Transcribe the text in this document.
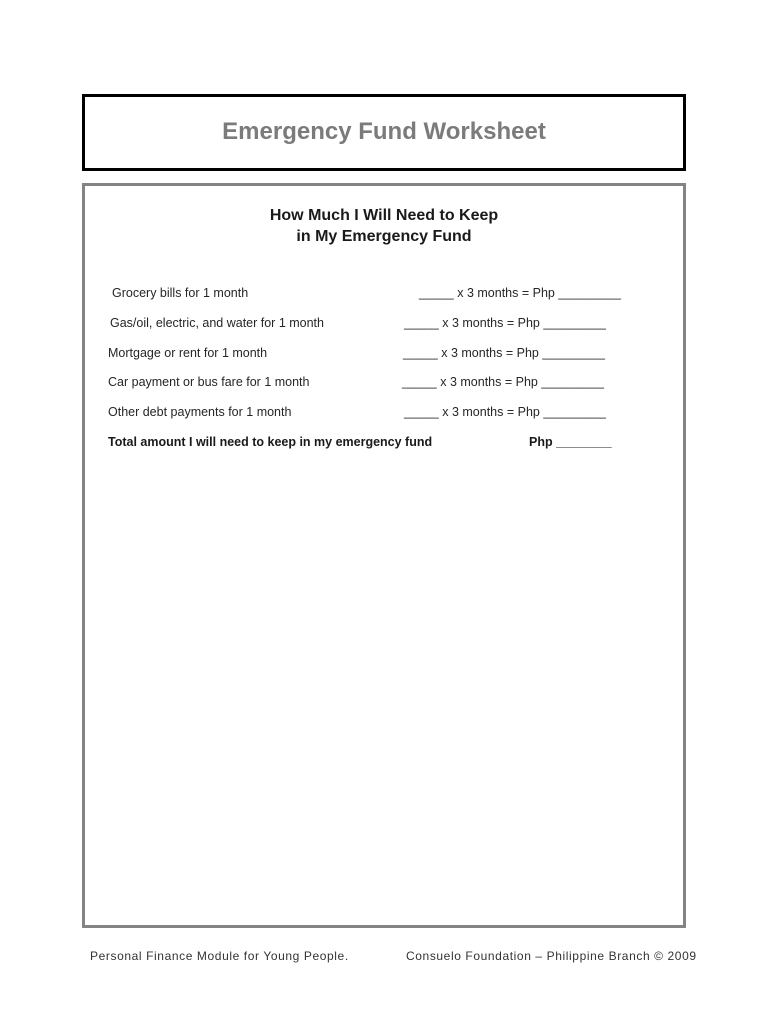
Emergency Fund Worksheet
How Much I Will Need to Keep
in My Emergency Fund
Grocery bills for 1 month	_____ x 3 months = Php _________
Gas/oil, electric, and water for 1 month	_____ x 3 months = Php _________
Mortgage or rent for 1 month	_____ x 3 months = Php _________
Car payment or bus fare for 1 month	_____ x 3 months = Php _________
Other debt payments for 1 month	_____ x 3 months = Php _________
Total amount I will need to keep in my emergency fund	Php ________
Personal Finance Module for Young People.	Consuelo Foundation – Philippine Branch © 2009
